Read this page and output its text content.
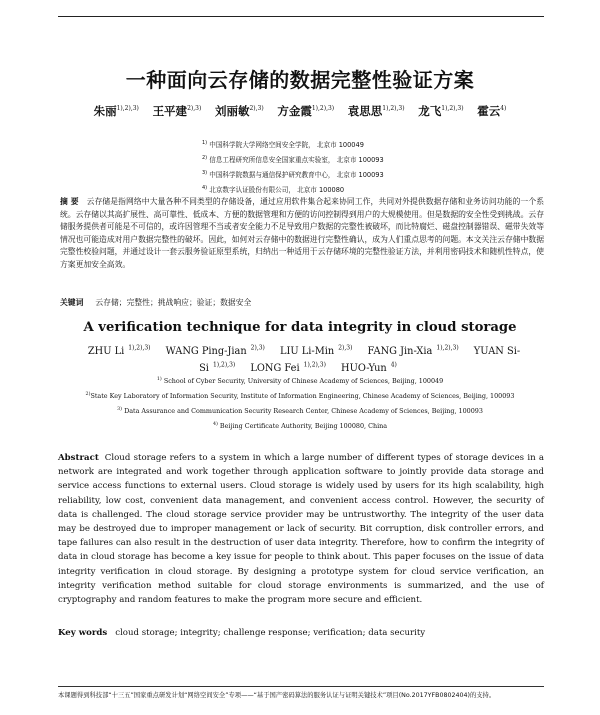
一种面向云存储的数据完整性验证方案
朱丽$^{1),2),3)}$ 王平建$^{2),3)}$ 刘丽敏$^{2),3)}$ 方金霞$^{1),2),3)}$ 袁思思$^{1),2),3)}$ 龙飞$^{1),2),3)}$ 霍云$^{4)}$
$^{1)}$ 中国科学院大学网络空间安全学院， 北京市 100049
$^{2)}$ 信息工程研究所信息安全国家重点实验室， 北京市 100093
$^{3)}$ 中国科学院数据与通信保护研究教育中心， 北京市 100093
$^{4)}$ 北京数字认证股份有限公司， 北京市 100080
摘 要 云存储是指网络中大量各种不同类型的存储设备，通过应用软件集合起来协同工作，共同对外提供数据存储和业务访问功能的一个系统。云存储以其高扩展性、高可靠性、低成本、方便的数据管理和方便的访问控制得到用户的大规模使用。但是数据的安全性受到挑战。云存储服务提供者可能是不可信的，或许因管理不当或者安全能力不足导致用户数据的完整性被破坏，而比特腐烂、磁盘控制器错误、磁带失效等情况也可能造成对用户数据完整性的破坏。因此，如何对云存储中的数据进行完整性确认，成为人们重点思考的问题。本文关注云存储中数据完整性校验问题，并通过设计一套云服务验证原型系统，归纳出一种适用于云存储环境的完整性验证方法，并利用密码技术和随机性特点，使方案更加安全高效。
关键词 云存储；完整性；挑战响应；验证；数据安全
A verification technique for data integrity in cloud storage
ZHU Li $^{1),2),3)}$ WANG Ping-Jian $^{2),3)}$ LIU Li-Min $^{2),3)}$ FANG Jin-Xia $^{1),2),3)}$ YUAN Si-Si $^{1),2),3)}$ LONG Fei $^{1),2),3)}$ HUO-Yun $^{4)}$
$^{1)}$ School of Cyber Security, University of Chinese Academy of Sciences, Beijing, 100049
$^{2)}$State Key Laboratory of Information Security, Institute of Information Engineering, Chinese Academy of Sciences, Beijing, 100093
$^{3)}$ Data Assurance and Communication Security Research Center, Chinese Academy of Sciences, Beijing, 100093
$^{4)}$ Beijing Certificate Authority, Beijing 100080, China
Abstract Cloud storage refers to a system in which a large number of different types of storage devices in a network are integrated and work together through application software to jointly provide data storage and service access functions to external users. Cloud storage is widely used by users for its high scalability, high reliability, low cost, convenient data management, and convenient access control. However, the security of data is challenged. The cloud storage service provider may be untrustworthy. The integrity of the user data may be destroyed due to improper management or lack of security. Bit corruption, disk controller errors, and tape failures can also result in the destruction of user data integrity. Therefore, how to confirm the integrity of data in cloud storage has become a key issue for people to think about. This paper focuses on the issue of data integrity verification in cloud storage. By designing a prototype system for cloud service verification, an integrity verification method suitable for cloud storage environments is summarized, and the use of cryptography and random features to make the program more secure and efficient.
Key words cloud storage; integrity; challenge response; verification; data security
本课题得到科技部“十三五”国家重点研发计划“网络空间安全”专项——“基于国产密码算法的服务认证与证明关键技术”项目(No.2017YFB0802404)的支持。
